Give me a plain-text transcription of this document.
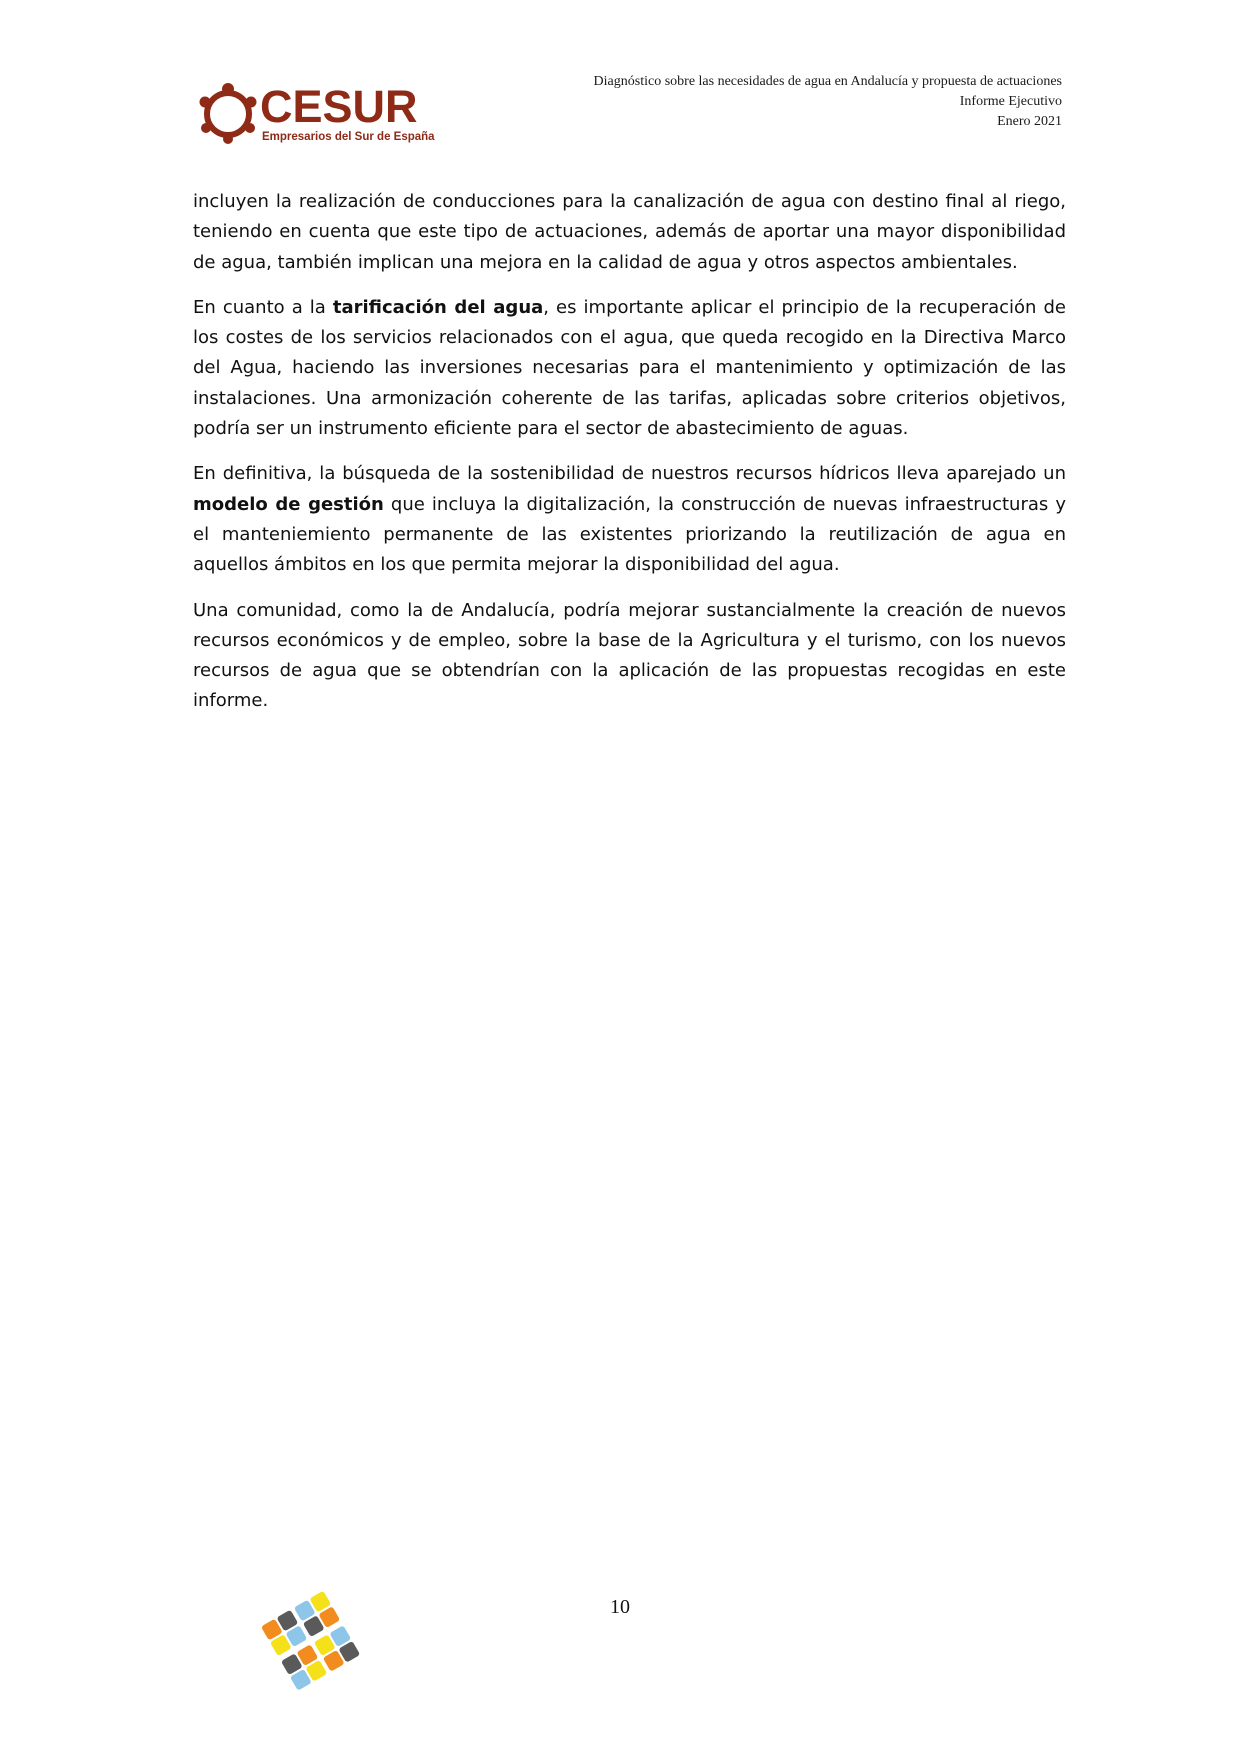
CESUR
Empresarios del Sur de España
Diagnóstico sobre las necesidades de agua en Andalucía y propuesta de actuaciones
Informe Ejecutivo
Enero 2021

incluyen la realización de conducciones para la canalización de agua con destino final al riego, teniendo en cuenta que este tipo de actuaciones, además de aportar una mayor disponibilidad de agua, también implican una mejora en la calidad de agua y otros aspectos ambientales.

En cuanto a la tarificación del agua, es importante aplicar el principio de la recuperación de los costes de los servicios relacionados con el agua, que queda recogido en la Directiva Marco del Agua, haciendo las inversiones necesarias para el mantenimiento y optimización de las instalaciones. Una armonización coherente de las tarifas, aplicadas sobre criterios objetivos, podría ser un instrumento eficiente para el sector de abastecimiento de aguas.

En definitiva, la búsqueda de la sostenibilidad de nuestros recursos hídricos lleva aparejado un modelo de gestión que incluya la digitalización, la construcción de nuevas infraestructuras y el manteniemiento permanente de las existentes priorizando la reutilización de agua en aquellos ámbitos en los que permita mejorar la disponibilidad del agua.

Una comunidad, como la de Andalucía, podría mejorar sustancialmente la creación de nuevos recursos económicos y de empleo, sobre la base de la Agricultura y el turismo, con los nuevos recursos de agua que se obtendrían con la aplicación de las propuestas recogidas en este informe.

10
